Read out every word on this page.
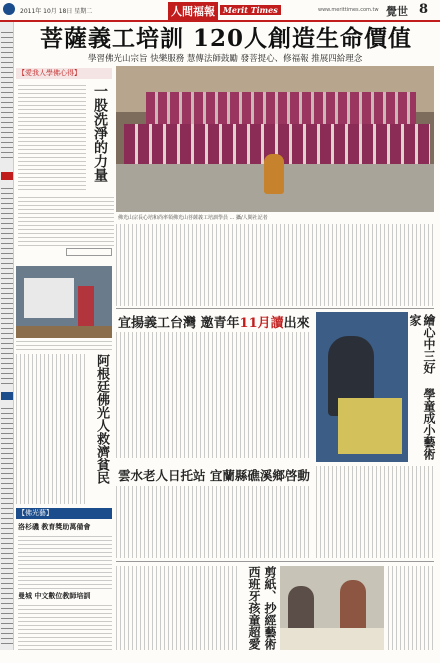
2011年 10月 18日 星期二	人間福報	Merit Times	www.merittimes.com.tw 覺世 8
菩薩義工培訓 120人創造生命價值
學習佛光山宗旨 快樂服務 慧傳法師鼓勵 發菩提心、修福報 推展四給理念
【愛我人學佛心得】
一股洗淨的力量
佛光山宗長心培和尚率領佛光山菩薩義工培訓學員 ... 攝/人間社記者
阿根廷佛光人救濟貧民
【佛光藝】
洛杉磯 教育獎助萬備會
曼城 中文數位教師培訓
宜揚義工台灣 邀青年11月讀出來	繪心中三好 學童成小藝術家
雲水老人日托站 宜蘭縣礁溪鄉啓動
剪紙、抄經藝術 西班牙孩童超愛
